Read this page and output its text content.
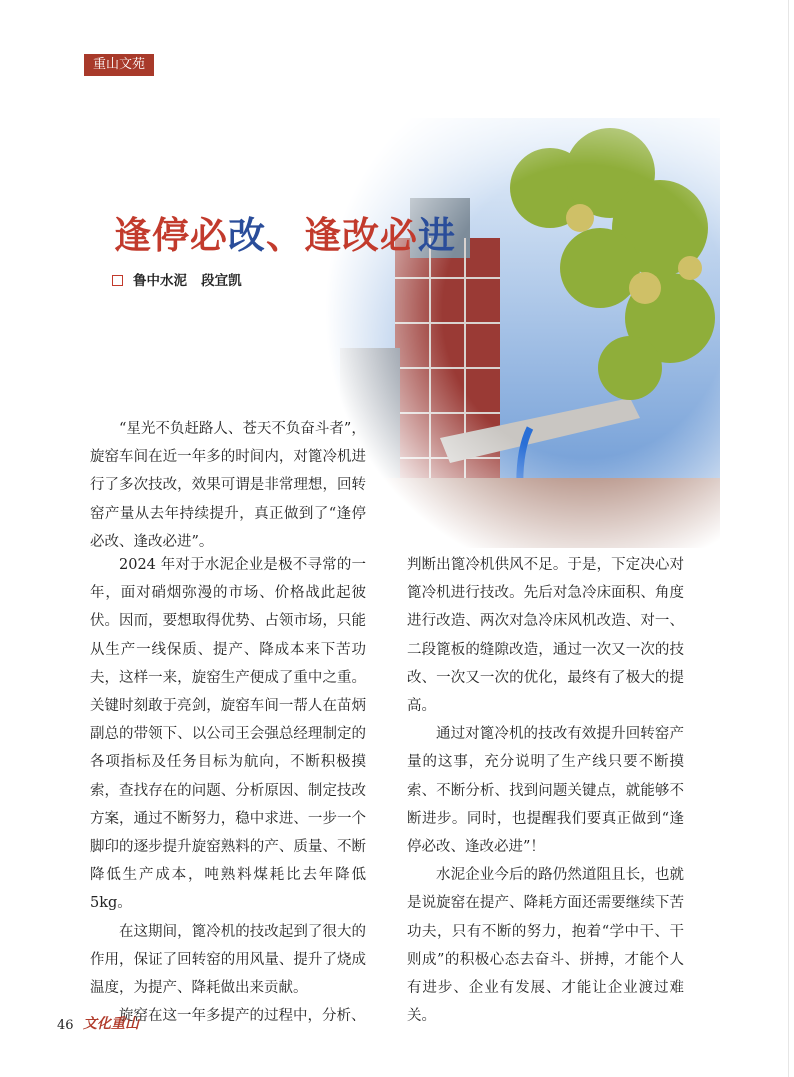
重山文苑
逢停必改、逢改必进
鲁中水泥 段宜凯

“星光不负赶路人、苍天不负奋斗者”，

旋窑车间在近一年多的时间内，对篦冷机进行了多次技改，效果可谓是非常理想，回转窑产量从去年持续提升，真正做到了“逢停必改、逢改必进”。

2024 年对于水泥企业是极不寻常的一年，面对硝烟弥漫的市场、价格战此起彼伏。因而，要想取得优势、占领市场，只能从生产一线保质、提产、降成本来下苦功夫，这样一来，旋窑生产便成了重中之重。关键时刻敢于亮剑，旋窑车间一帮人在苗炳副总的带领下、以公司王会强总经理制定的各项指标及任务目标为航向，不断积极摸索，查找存在的问题、分析原因、制定技改方案，通过不断努力，稳中求进、一步一个脚印的逐步提升旋窑熟料的产、质量、不断降低生产成本，吨熟料煤耗比去年降低 5kg。

在这期间，篦冷机的技改起到了很大的作用，保证了回转窑的用风量、提升了烧成温度，为提产、降耗做出来贡献。

旋窑在这一年多提产的过程中，分析、

判断出篦冷机供风不足。于是，下定决心对篦冷机进行技改。先后对急冷床面积、角度进行改造、两次对急冷床风机改造、对一、二段篦板的缝隙改造，通过一次又一次的技改、一次又一次的优化，最终有了极大的提高。

通过对篦冷机的技改有效提升回转窑产量的这事，充分说明了生产线只要不断摸索、不断分析、找到问题关键点，就能够不断进步。同时，也提醒我们要真正做到“逢停必改、逢改必进”！

水泥企业今后的路仍然道阻且长，也就是说旋窑在提产、降耗方面还需要继续下苦功夫，只有不断的努力，抱着“学中干、干则成”的积极心态去奋斗、拼搏，才能个人有进步、企业有发展、才能让企业渡过难关。

46 文化重山
